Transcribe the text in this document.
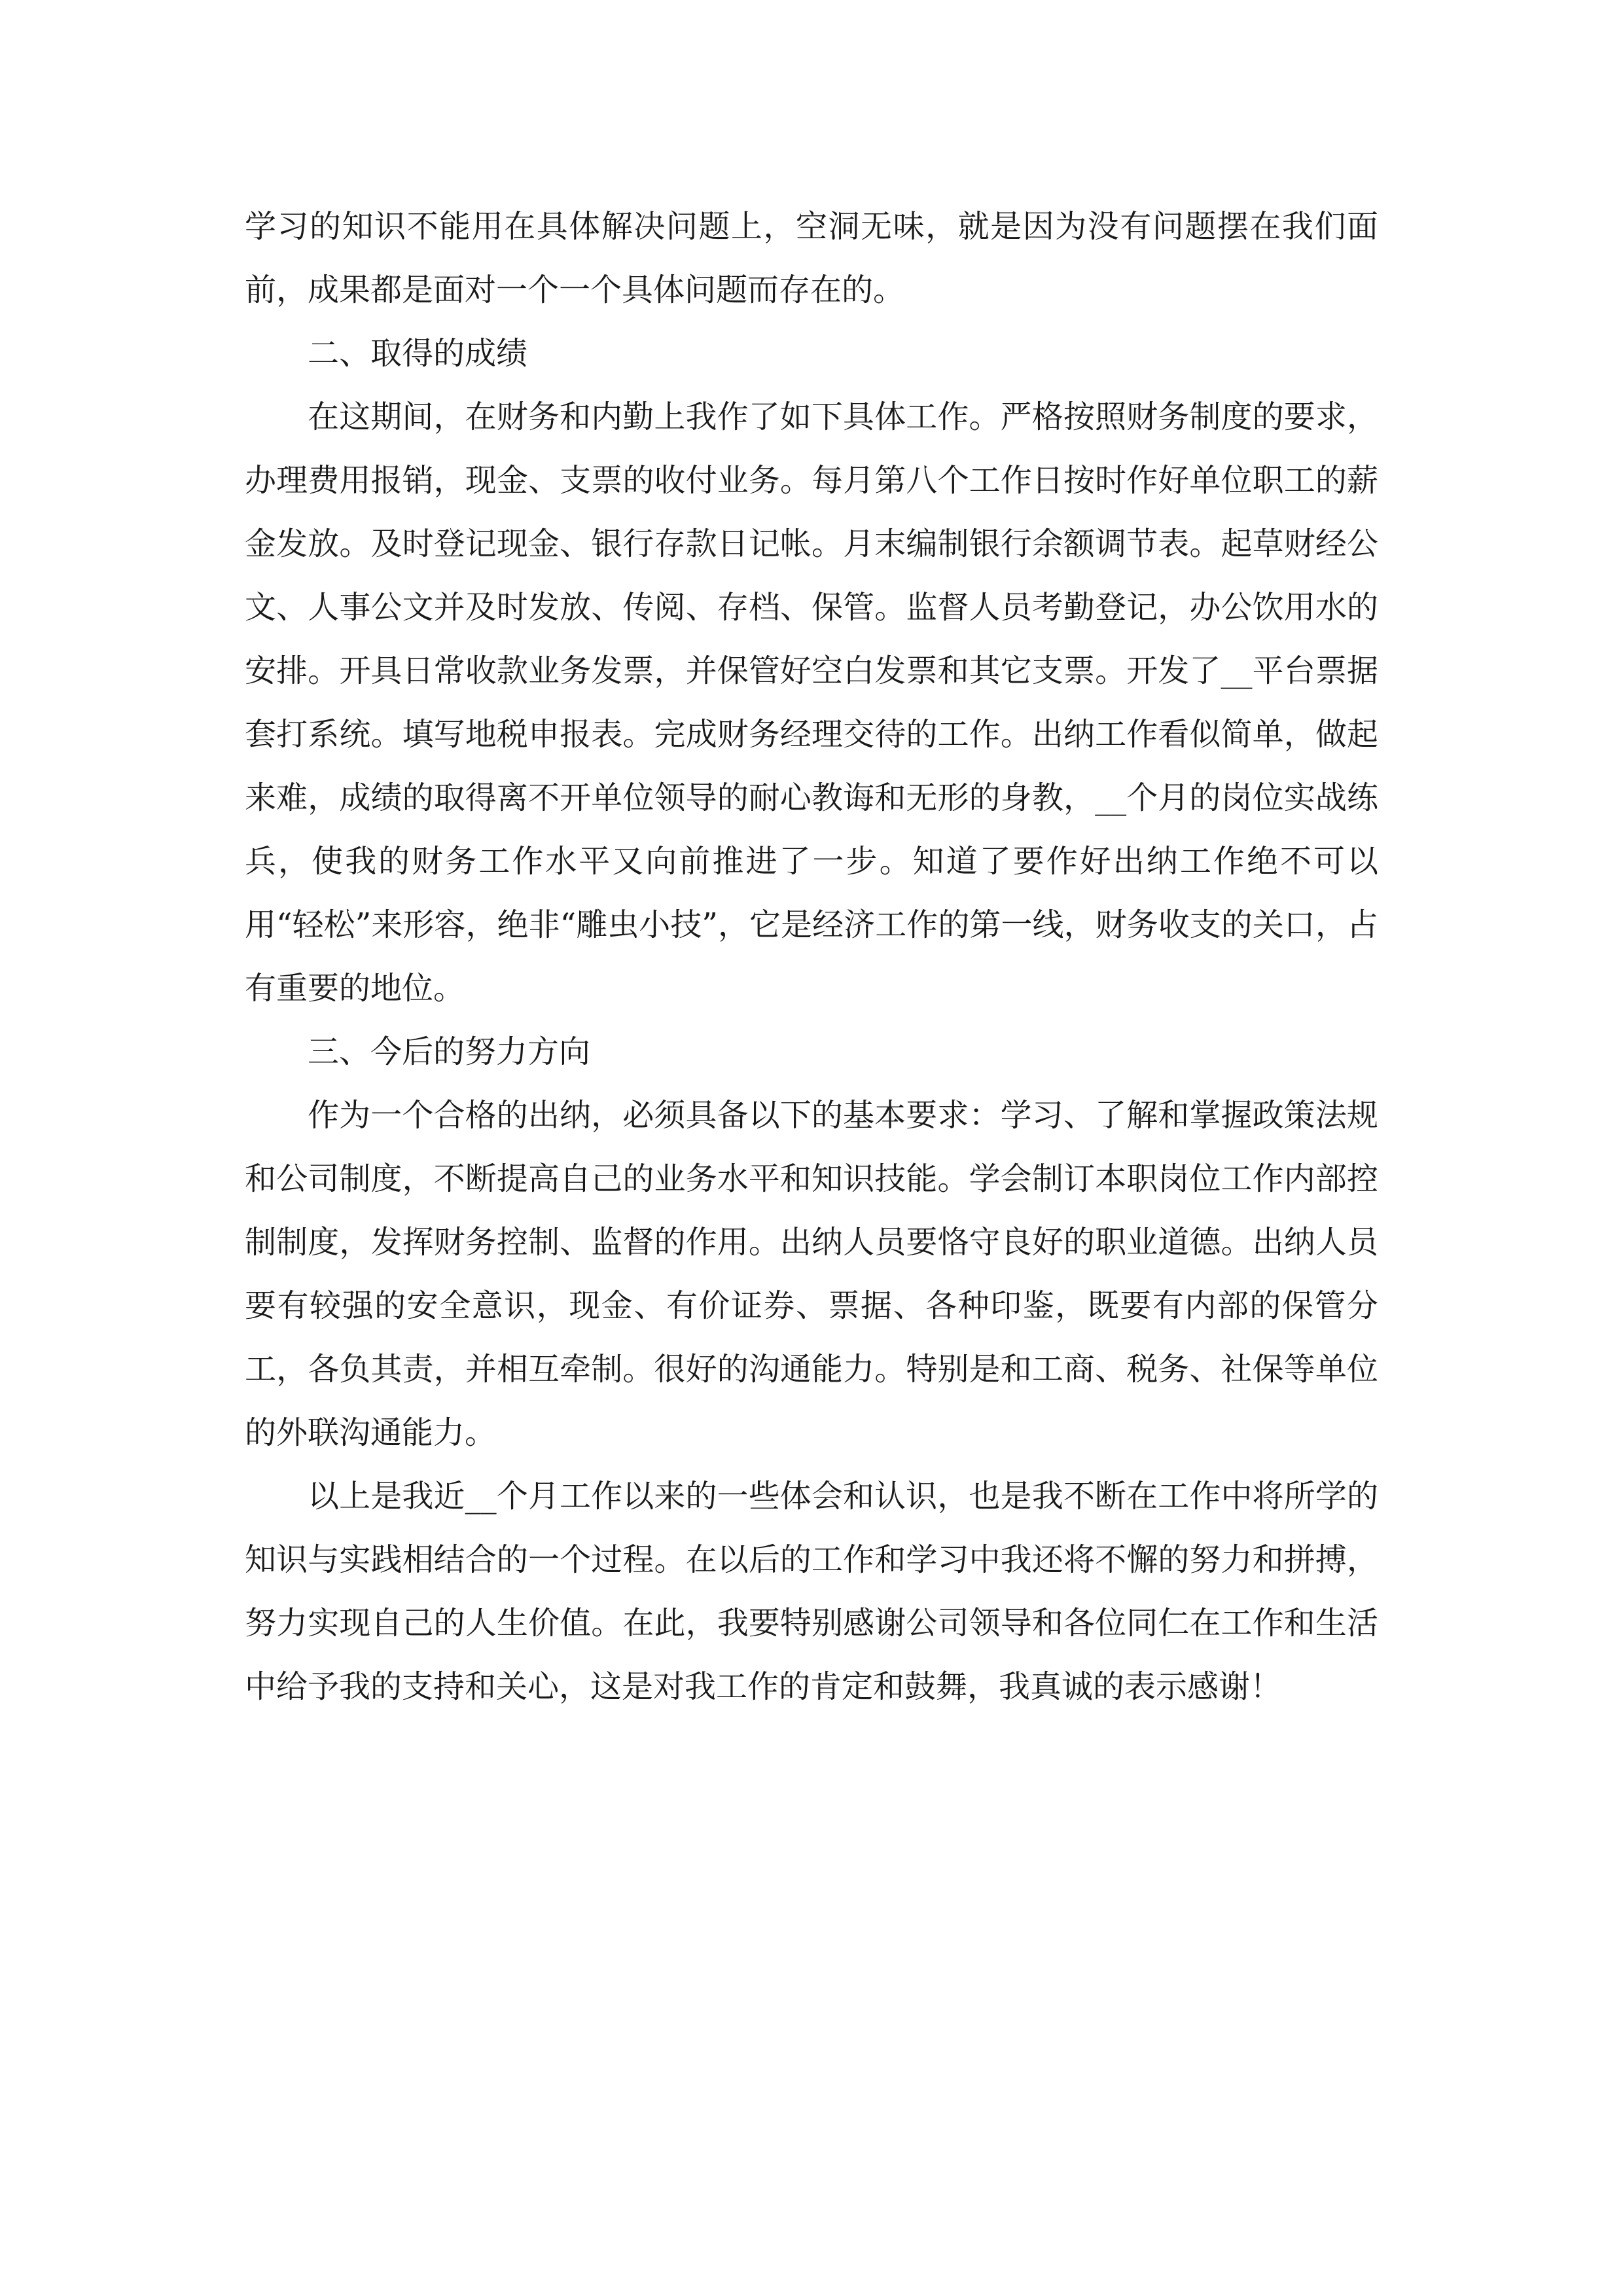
学习的知识不能用在具体解决问题上，空洞无味，就是因为没有问题摆在我们面前，成果都是面对一个一个具体问题而存在的。

二、取得的成绩

在这期间，在财务和内勤上我作了如下具体工作。严格按照财务制度的要求，办理费用报销，现金、支票的收付业务。每月第八个工作日按时作好单位职工的薪金发放。及时登记现金、银行存款日记帐。月末编制银行余额调节表。起草财经公文、人事公文并及时发放、传阅、存档、保管。监督人员考勤登记，办公饮用水的安排。开具日常收款业务发票，并保管好空白发票和其它支票。开发了__平台票据套打系统。填写地税申报表。完成财务经理交待的工作。出纳工作看似简单，做起来难，成绩的取得离不开单位领导的耐心教诲和无形的身教，__个月的岗位实战练兵，使我的财务工作水平又向前推进了一步。知道了要作好出纳工作绝不可以用“轻松”来形容，绝非“雕虫小技”，它是经济工作的第一线，财务收支的关口，占有重要的地位。

三、今后的努力方向

作为一个合格的出纳，必须具备以下的基本要求：学习、了解和掌握政策法规和公司制度，不断提高自己的业务水平和知识技能。学会制订本职岗位工作内部控制制度，发挥财务控制、监督的作用。出纳人员要恪守良好的职业道德。出纳人员要有较强的安全意识，现金、有价证券、票据、各种印鉴，既要有内部的保管分工，各负其责，并相互牵制。很好的沟通能力。特别是和工商、税务、社保等单位的外联沟通能力。

以上是我近__个月工作以来的一些体会和认识，也是我不断在工作中将所学的知识与实践相结合的一个过程。在以后的工作和学习中我还将不懈的努力和拼搏，努力实现自己的人生价值。在此，我要特别感谢公司领导和各位同仁在工作和生活中给予我的支持和关心，这是对我工作的肯定和鼓舞，我真诚的表示感谢！
